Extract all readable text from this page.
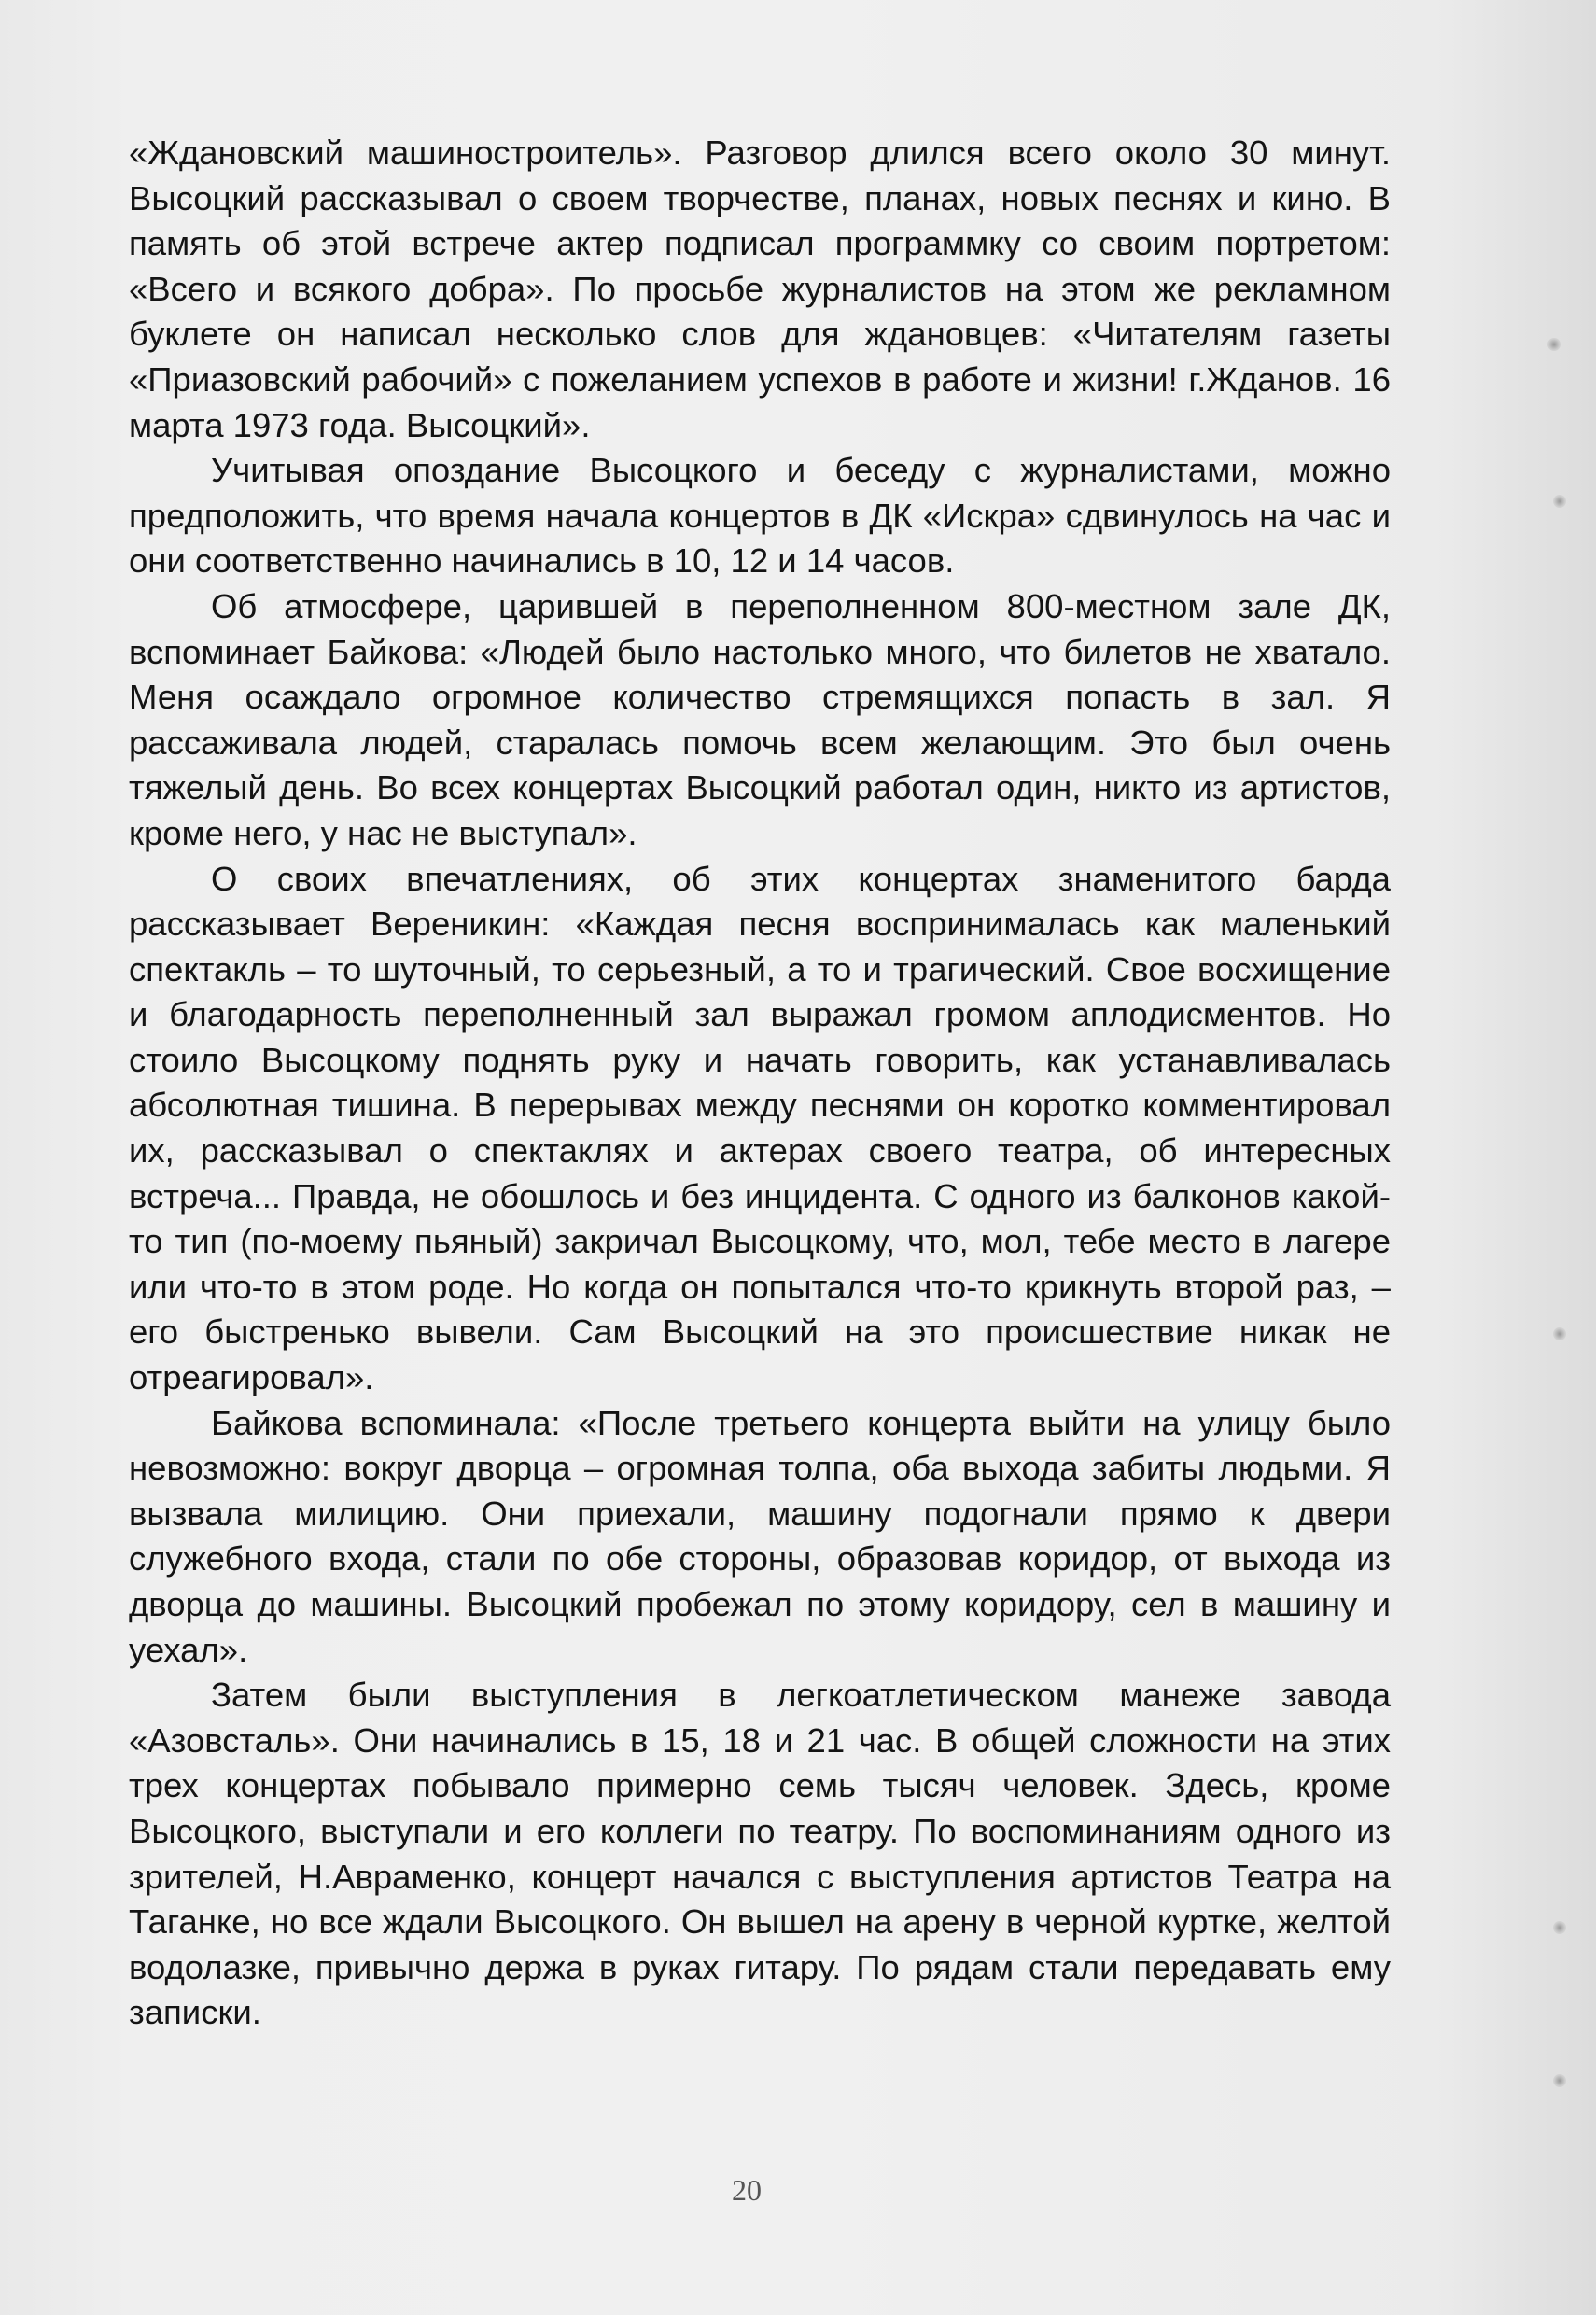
«Ждановский машиностроитель». Разговор длился всего около 30 минут. Высоцкий рассказывал о своем творчестве, планах, новых песнях и кино. В память об этой встрече актер подписал программку со своим портретом: «Всего и всякого добра». По просьбе журналистов на этом же рекламном буклете он написал несколько слов для ждановцев: «Читателям газеты «Приазовский рабочий» с пожеланием успехов в работе и жизни! г.Жданов. 16 марта 1973 года. Высоцкий».

Учитывая опоздание Высоцкого и беседу с журналистами, можно предположить, что время начала концертов в ДК «Искра» сдвинулось на час и они соответственно начинались в 10, 12 и 14 часов.

Об атмосфере, царившей в переполненном 800-местном зале ДК, вспоминает Байкова: «Людей было настолько много, что билетов не хватало. Меня осаждало огромное количество стремящихся попасть в зал. Я рассаживала людей, старалась помочь всем желающим. Это был очень тяжелый день. Во всех концертах Высоцкий работал один, никто из артистов, кроме него, у нас не выступал».

О своих впечатлениях, об этих концертах знаменитого барда рассказывает Вереникин: «Каждая песня воспринималась как маленький спектакль – то шуточный, то серьезный, а то и трагический. Свое восхищение и благодарность переполненный зал выражал громом аплодисментов. Но стоило Высоцкому поднять руку и начать говорить, как устанавливалась абсолютная тишина. В перерывах между песнями он коротко комментировал их, рассказывал о спектаклях и актерах своего театра, об интересных встреча... Правда, не обошлось и без инцидента. С одного из балконов какой-то тип (по-моему пьяный) закричал Высоцкому, что, мол, тебе место в лагере или что-то в этом роде. Но когда он попытался что-то крикнуть второй раз, – его быстренько вывели. Сам Высоцкий на это происшествие никак не отреагировал».

Байкова вспоминала: «После третьего концерта выйти на улицу было невозможно: вокруг дворца – огромная толпа, оба выхода забиты людьми. Я вызвала милицию. Они приехали, машину подогнали прямо к двери служебного входа, стали по обе стороны, образовав коридор, от выхода из дворца до машины. Высоцкий пробежал по этому коридору, сел в машину и уехал».

Затем были выступления в легкоатлетическом манеже завода «Азовсталь». Они начинались в 15, 18 и 21 час. В общей сложности на этих трех концертах побывало примерно семь тысяч человек. Здесь, кроме Высоцкого, выступали и его коллеги по театру. По воспоминаниям одного из зрителей, Н.Авраменко, концерт начался с выступления артистов Театра на Таганке, но все ждали Высоцкого. Он вышел на арену в черной куртке, желтой водолазке, привычно держа в руках гитару. По рядам стали передавать ему записки.

20
